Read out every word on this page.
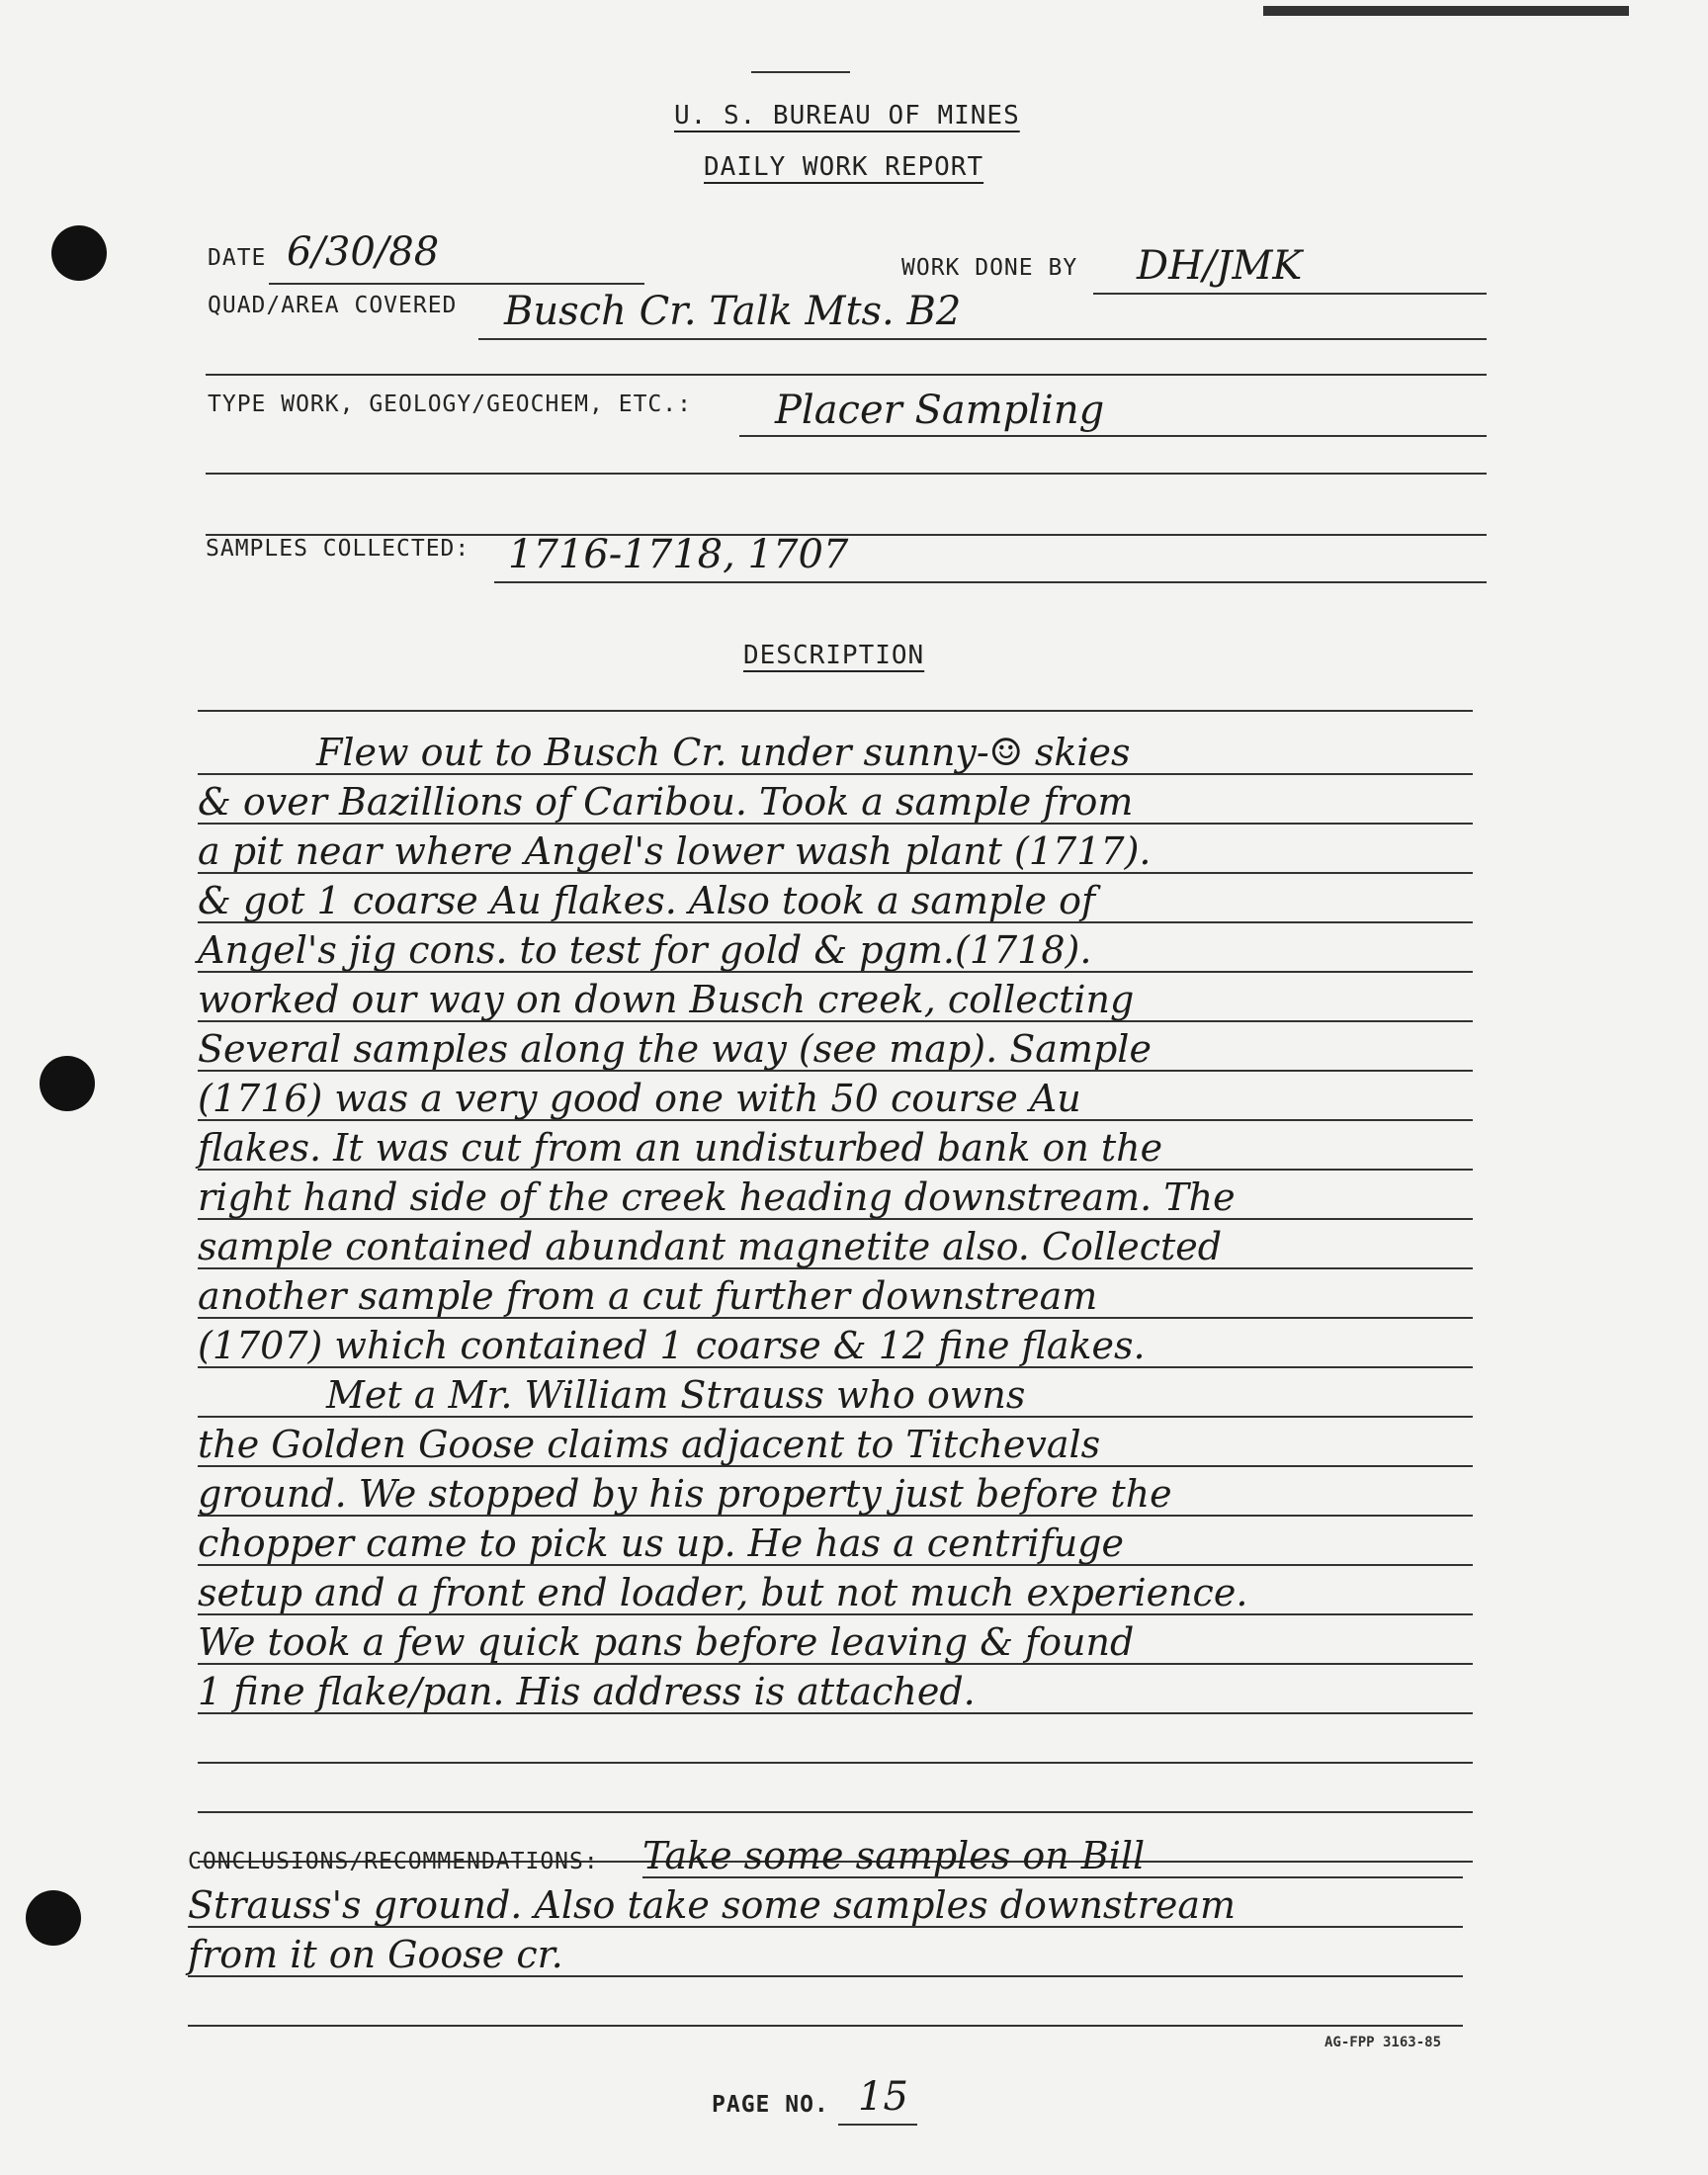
U. S. BUREAU OF MINES
DAILY WORK REPORT
DATE 6/30/88	WORK DONE BY DH/JMK
QUAD/AREA COVERED Busch Cr. Talk Mts. B2
TYPE WORK, GEOLOGY/GEOCHEM, ETC.: Placer Sampling
SAMPLES COLLECTED: 1716-1718, 1707
DESCRIPTION
Flew out to Busch Cr. under sunny-☺ skies
& over Bazillions of Caribou. Took a sample from
a pit near where Angel's lower wash plant (1717).
& got 1 coarse Au flakes. Also took a sample of
Angel's jig cons. to test for gold & pgm.(1718).
worked our way on down Busch creek, collecting
Several samples along the way (see map). Sample
(1716) was a very good one with 50 course Au
flakes. It was cut from an undisturbed bank on the
right hand side of the creek heading downstream. The
sample contained abundant magnetite also. Collected
another sample from a cut further downstream
(1707) which contained 1 coarse & 12 fine flakes.
Met a Mr. William Strauss who owns
the Golden Goose claims adjacent to Titchevals
ground. We stopped by his property just before the
chopper came to pick us up. He has a centrifuge
setup and a front end loader, but not much experience.
We took a few quick pans before leaving & found
1 fine flake/pan. His address is attached.
CONCLUSIONS/RECOMMENDATIONS: Take some samples on Bill
Strauss's ground. Also take some samples downstream
from it on Goose cr.
AG-FPP 3163-85
PAGE NO. 15
